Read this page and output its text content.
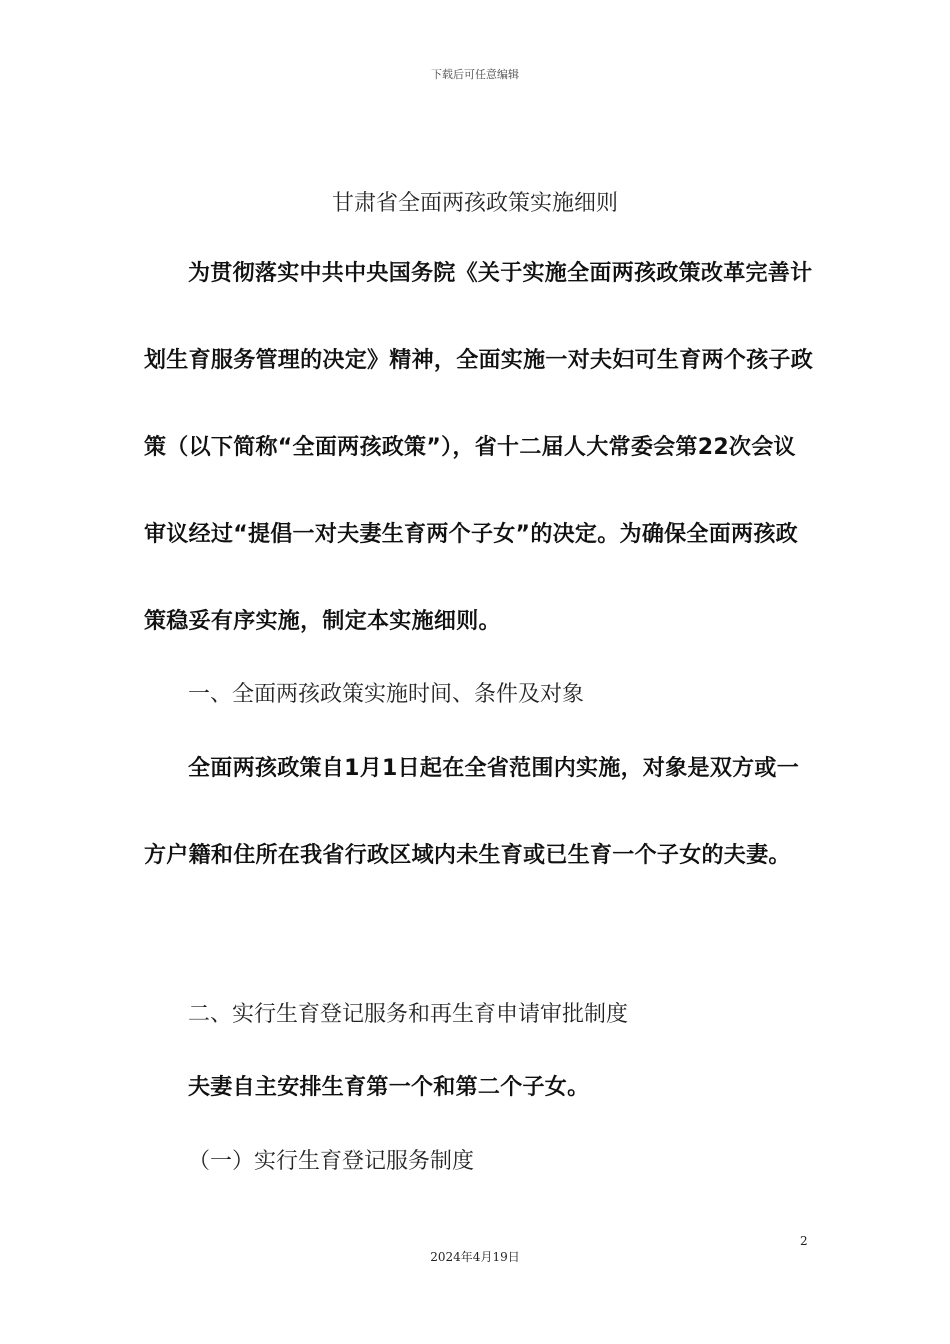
下载后可任意编辑
甘肃省全面两孩政策实施细则

为贯彻落实中共中央国务院《关于实施全面两孩政策改革完善计划生育服务管理的决定》精神，全面实施一对夫妇可生育两个孩子政策（以下简称“全面两孩政策”），省十二届人大常委会第22次会议审议经过“提倡一对夫妻生育两个子女”的决定。为确保全面两孩政策稳妥有序实施，制定本实施细则。

一、全面两孩政策实施时间、条件及对象

全面两孩政策自1月1日起在全省范围内实施，对象是双方或一方户籍和住所在我省行政区域内未生育或已生育一个子女的夫妻。

二、实行生育登记服务和再生育申请审批制度

夫妻自主安排生育第一个和第二个子女。

（一）实行生育登记服务制度

2
2024年4月19日
